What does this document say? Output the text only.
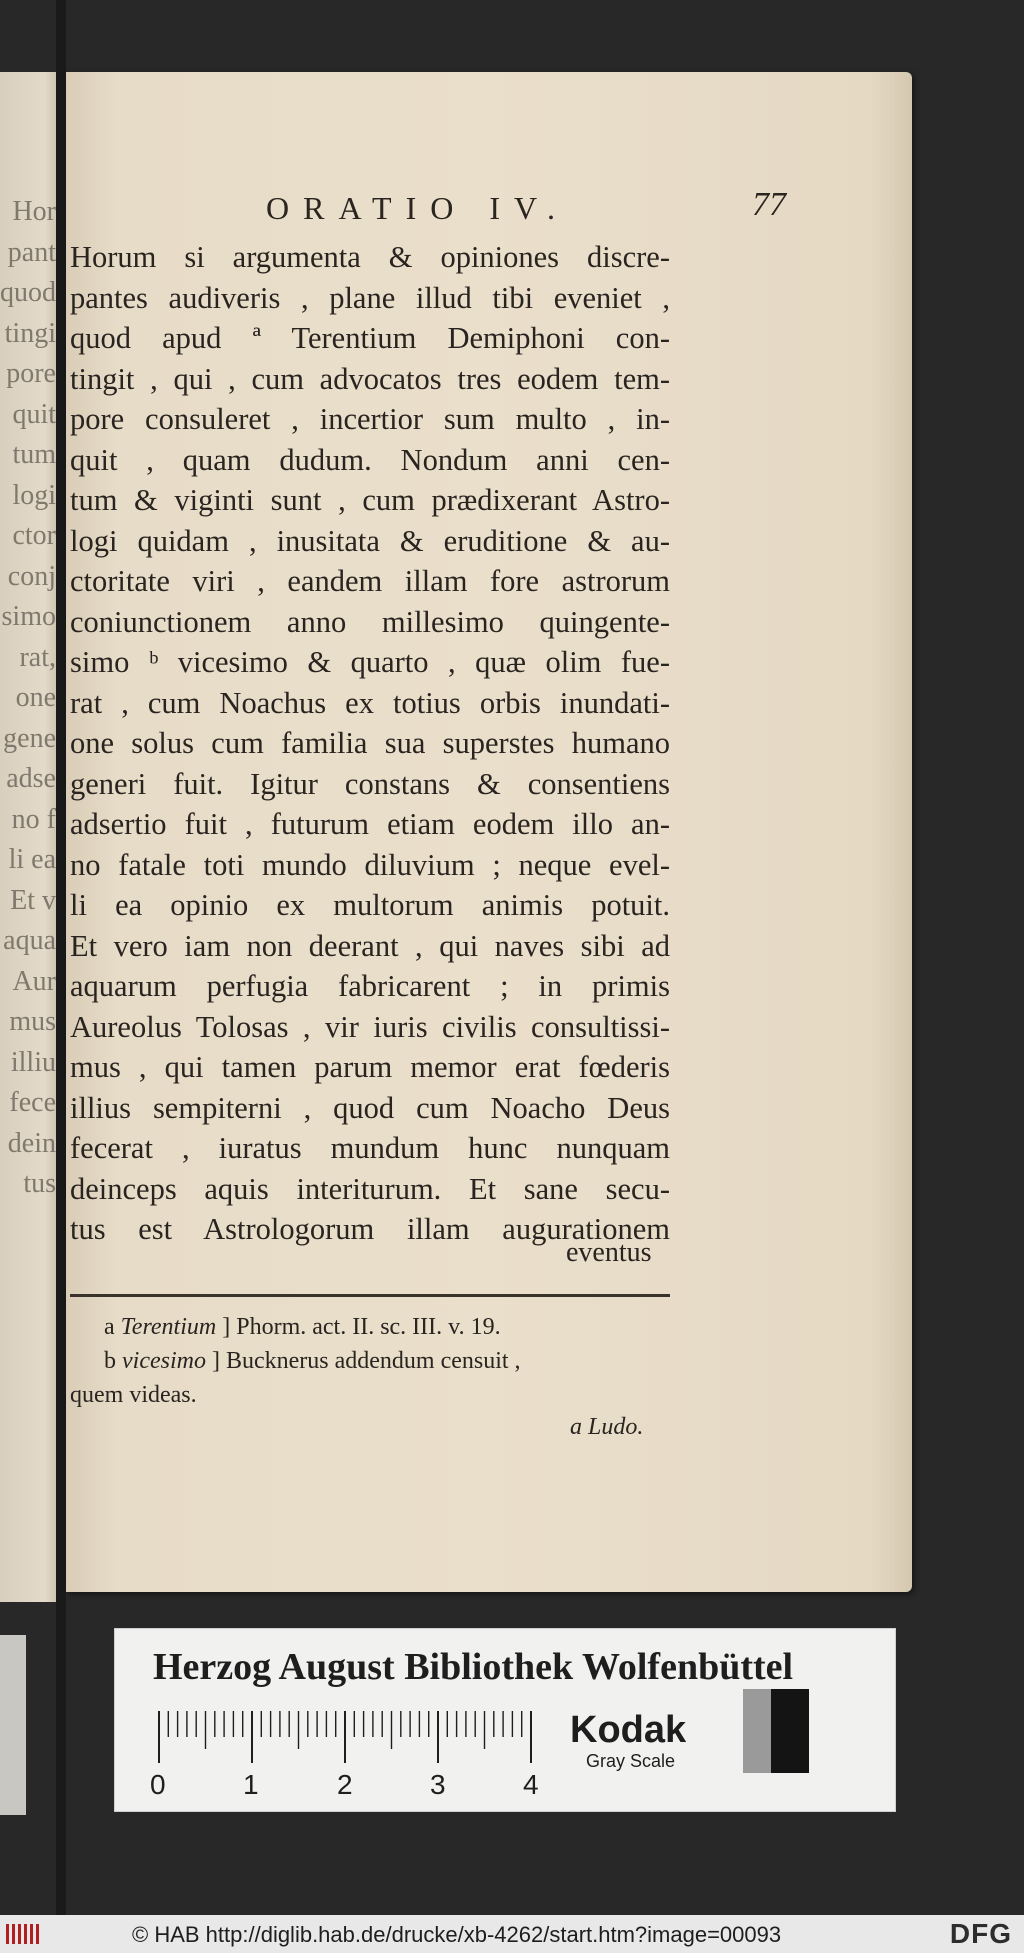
Hor
pant
quod
tingi
pore
quit
tum
logi
ctor
conj
simo
rat,
one
gene
adse
no f
li ea
Et v
aqua
Aur
mus
illiu
fece
dein
tus
ORATIO IV.	77
Horum si argumenta & opiniones discre-
pantes audiveris , plane illud tibi eveniet ,
quod apud ª Terentium Demiphoni con-
tingit , qui , cum advocatos tres eodem tem-
pore consuleret , incertior sum multo , in-
quit , quam dudum. Nondum anni cen-
tum & viginti sunt , cum prædixerant Astro-
logi quidam , inusitata & eruditione & au-
ctoritate viri , eandem illam fore astrorum
coniunctionem anno millesimo quingente-
simo ᵇ vicesimo & quarto , quæ olim fue-
rat , cum Noachus ex totius orbis inundati-
one solus cum familia sua superstes humano
generi fuit. Igitur constans & consentiens
adsertio fuit , futurum etiam eodem illo an-
no fatale toti mundo diluvium ; neque evel-
li ea opinio ex multorum animis potuit.
Et vero iam non deerant , qui naves sibi ad
aquarum perfugia fabricarent ; in primis
Aureolus Tolosas , vir iuris civilis consultissi-
mus , qui tamen parum memor erat fœderis
illius sempiterni , quod cum Noacho Deus
fecerat , iuratus mundum hunc nunquam
deinceps aquis interiturum. Et sane secu-
tus est Astrologorum illam augurationem
eventus
a Terentium ] Phorm. act. II. sc. III. v. 19.
b vicesimo ] Bucknerus addendum censuit ,
quem videas.
a Ludo.
Herzog August Bibliothek Wolfenbüttel
0	1	2	3	4
Kodak
Gray Scale
© HAB http://diglib.hab.de/drucke/xb-4262/start.htm?image=00093	DFG
